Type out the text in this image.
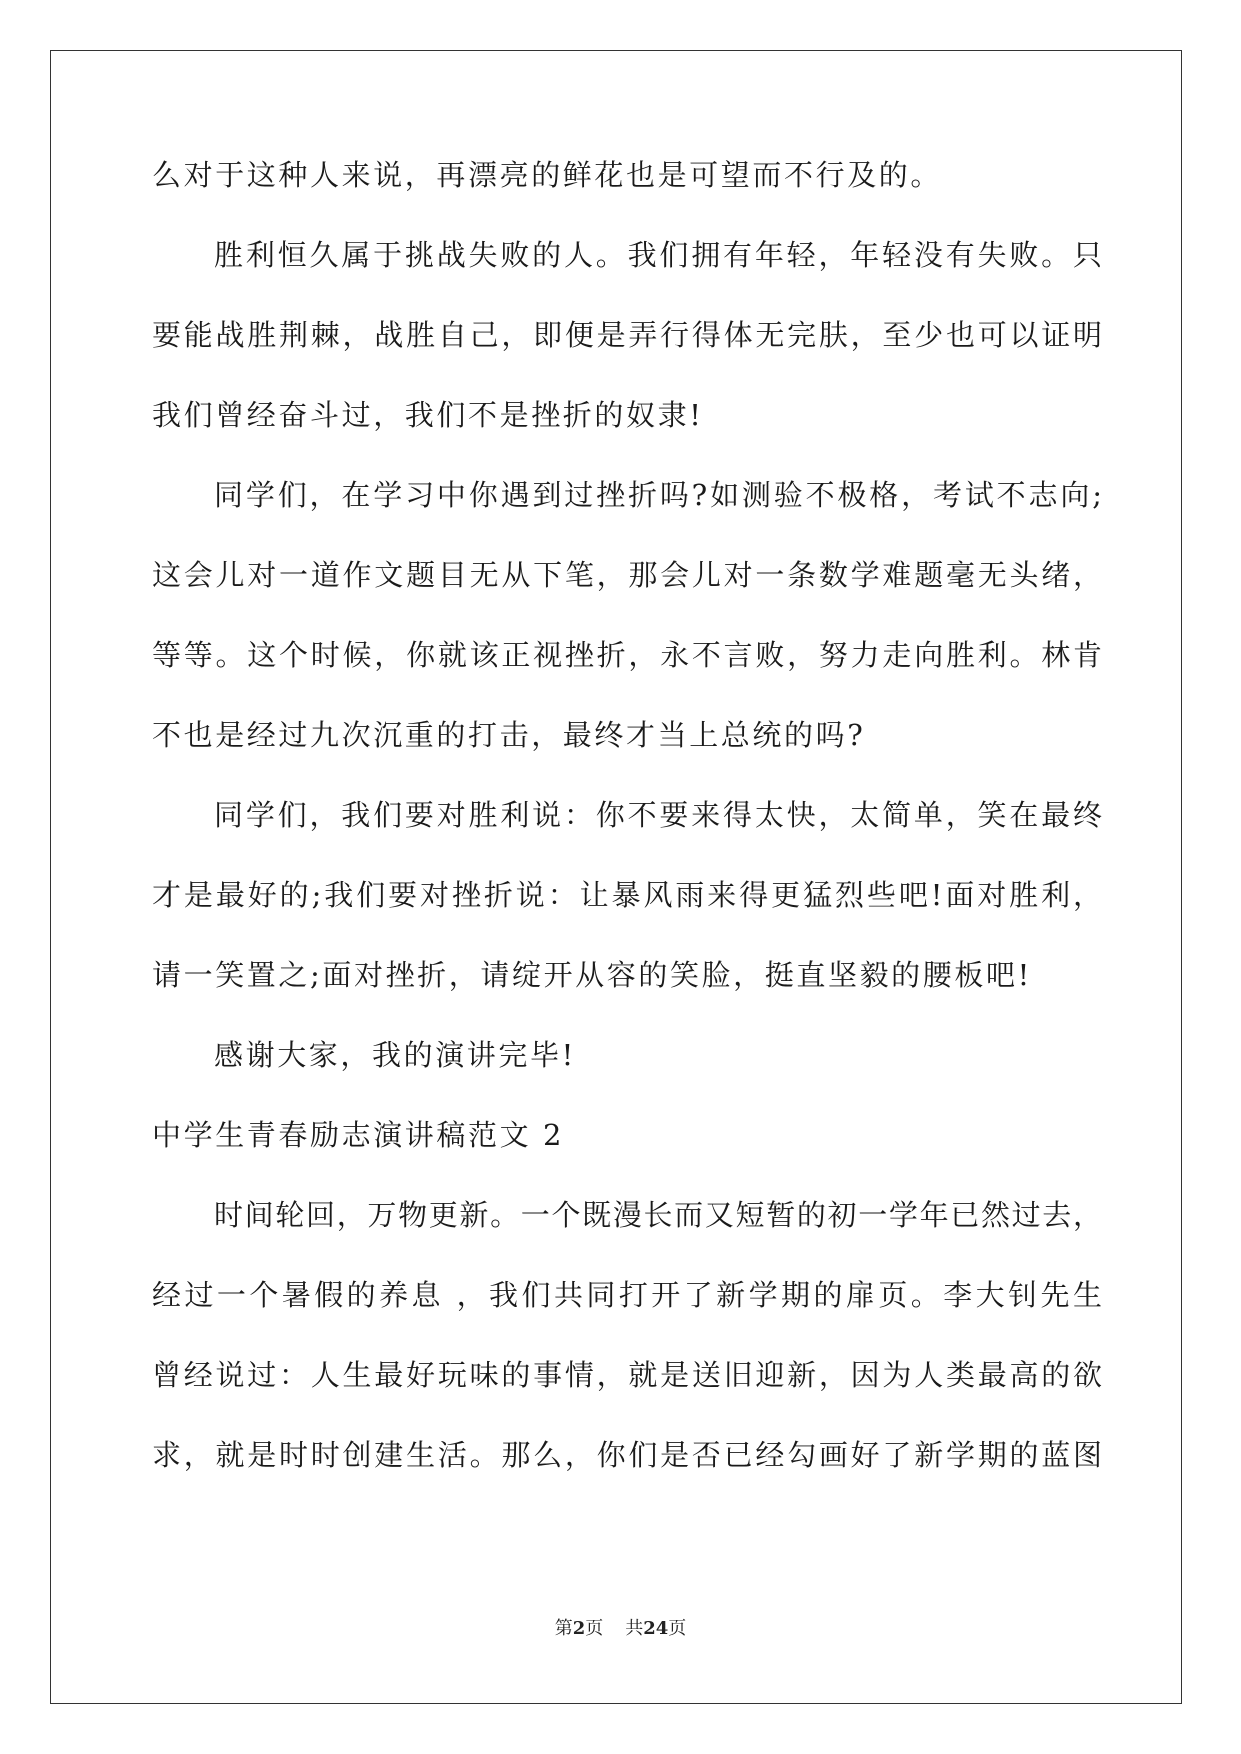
么对于这种人来说，再漂亮的鲜花也是可望而不行及的。
胜利恒久属于挑战失败的人。我们拥有年轻，年轻没有失败。只
要能战胜荆棘，战胜自己，即便是弄行得体无完肤，至少也可以证明
我们曾经奋斗过，我们不是挫折的奴隶!
同学们，在学习中你遇到过挫折吗?如测验不极格，考试不志向;
这会儿对一道作文题目无从下笔，那会儿对一条数学难题毫无头绪，
等等。这个时候，你就该正视挫折，永不言败，努力走向胜利。林肯
不也是经过九次沉重的打击，最终才当上总统的吗?
同学们，我们要对胜利说：你不要来得太快，太简单，笑在最终
才是最好的;我们要对挫折说：让暴风雨来得更猛烈些吧!面对胜利，
请一笑置之;面对挫折，请绽开从容的笑脸，挺直坚毅的腰板吧!
感谢大家，我的演讲完毕!
中学生青春励志演讲稿范文 2
时间轮回，万物更新。一个既漫长而又短暂的初一学年已然过去，
经过一个暑假的养息 ，我们共同打开了新学期的扉页。李大钊先生
曾经说过：人生最好玩味的事情，就是送旧迎新，因为人类最高的欲
求，就是时时创建生活。那么，你们是否已经勾画好了新学期的蓝图
第2页 共24页
